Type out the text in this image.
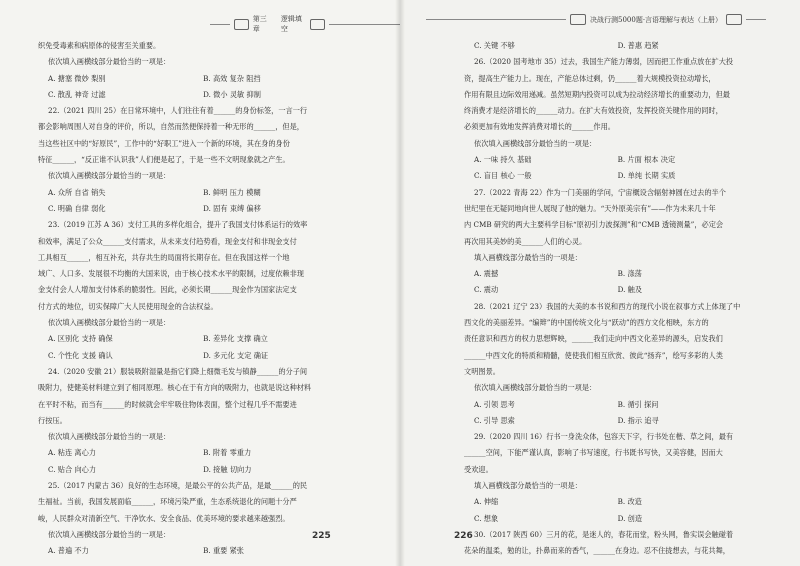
第三章
逻辑填空
织免受毒素和病原体的侵害至关重要。
依次填入画横线部分最恰当的一项是：
A. 搪塞 微妙 梨别	B. 高效 复杂 阻挡
C. 散乱 神奇 过滤	D. 微小 灵敏 抑制
22.（2021 四川 25）在日常环境中，人们往往有着______的身份标签，一言一行
都会影响周围人对自身的评价，所以，自然而然便保持着一种无形的______，但是，
当这些社区中的“好原民”，工作中的“好职工”进入一个新的环境，其在身的身份
特征______，“反正谁不认识我”人们便是起了，于是一些不文明现象就之产生。
依次填入画横线部分最恰当的一项是：
A. 众所 自省 销失	B. 鲜明 压力 模糊
C. 明确 自律 弱化	D. 固有 束缚 偏移
23.（2019 江苏 A 36）支付工具的多样化组合，提升了我国支付体系运行的效率
和效率，满足了公众______支付需求，从未来支付趋势看，现金支付和非现金支付
工具相互______，相互补充，共存共生的局面将长期存在。但在我国这样一个地
域广、人口多、发展很不均衡的大国来说，由于核心技术水平的限制，过度依赖非现
金支付会人人增加支付体系的脆弱性。因此，必须长期______现金作为国家法定支
付方式的地位，切实保障广大人民使用现金的合法权益。
依次填入画横线部分最恰当的一项是：
A. 区别化 支持 确保	B. 差异化 支撑 确立
C. 个性化 支援 确认	D. 多元化 支定 确证
24.（2020 安徽 21）服装吸附湿量是指它们降上细微毛发与镇静______的分子间
吸附力，使健美材料建立到了相同原理。核心在于有方向的吸附力，也就是说这种材料
在平时不粘，而当有______的时候就会牢牢吸住物体表面，整个过程几乎不需要进
行按压。
依次填入画横线部分最恰当的一项是：
A. 粘连 离心力	B. 附着 零重力
C. 贴合 向心力	D. 接触 切向力
25.（2017 内蒙古 36）良好的生态环境，是最公平的公共产品，是最______的民
生福祉。当前，我国发展面临______，环境污染严重，生态系统退化的问题十分严
峻，人民群众对清新空气、干净饮水、安全食品、优美环境的要求越来越强烈。
依次填入画横线部分最恰当的一项是：
A. 普遍 不力	B. 重要 紧张
225
决战行测5000题·言语理解与表达（上册）
C. 关键 不够	D. 普惠 趋紧
26.（2020 国考地市 35）过去，我国生产能力薄弱，因而把工作重点放在扩大投
资，提高生产能力上。现在，产能总体过剩，仍______着大规模投资拉动增长，
作用有限且边际效用递减。虽然短期内投资可以成为拉动经济增长的重要动力，但最
终消费才是经济增长的______动力。在扩大有效投资，发挥投资关键作用的同时，
必须更加有效地发挥消费对增长的______作用。
依次填入画横线部分最恰当的一项是：
A. 一味 持久 基础	B. 片面 根本 决定
C. 盲目 核心 一般	D. 单纯 长期 实质
27.（2022 青海 22）作为一门美丽的学问，宁宙概设含辐射神圆在过去的半个
世纪里在无疑同地向世人展现了他的魅力。“天外原美宗有”——作为未来几十年
内 CMB 研究的两大主要科学目标“原初引力波探测”和“CMB 透镜测量”，必定会
再次用其美妙的美______人们的心灵。
填入画横线部分最恰当的一项是：
A. 震撼	B. 涤荡
C. 震动	D. 触及
28.（2021 辽宁 23）我国的大美的本书说和西方的现代小说在叙事方式上体现了中
西文化的美丽差异。“编辫”的中国传统文化与“跃动”的西方文化相映，东方的
责任意识和西方的权力思想辉映，______我们走向中西文化差异的源头，启发我们
______中西文化的特质和精髓，使使我们相互欣赏、彼此“扬弃”，绘写多彩的人类
文明图景。
依次填入画横线部分最恰当的一项是：
A. 引领 思考	B. 循引 探问
C. 引导 思索	D. 指示 追寻
29.（2020 四川 16）行书一身洗众体，包容天下字，行书处在楷、草之间，最有
______空间，下能严谨认真，影响了书写速度，行书既书写快，又美容健，因而大
受欢迎。
填入画横线部分最恰当的一项是：
A. 伸缩	B. 改造
C. 想象	D. 创造
30.（2017 陕西 60）三月的花，是迷人的，春花而堂，粉头网，鲁实误会触碰着
花朵的温柔，勉的让，扑鼻而来的香气，______在身边。忍不住拢想去，与花共舞，
226
